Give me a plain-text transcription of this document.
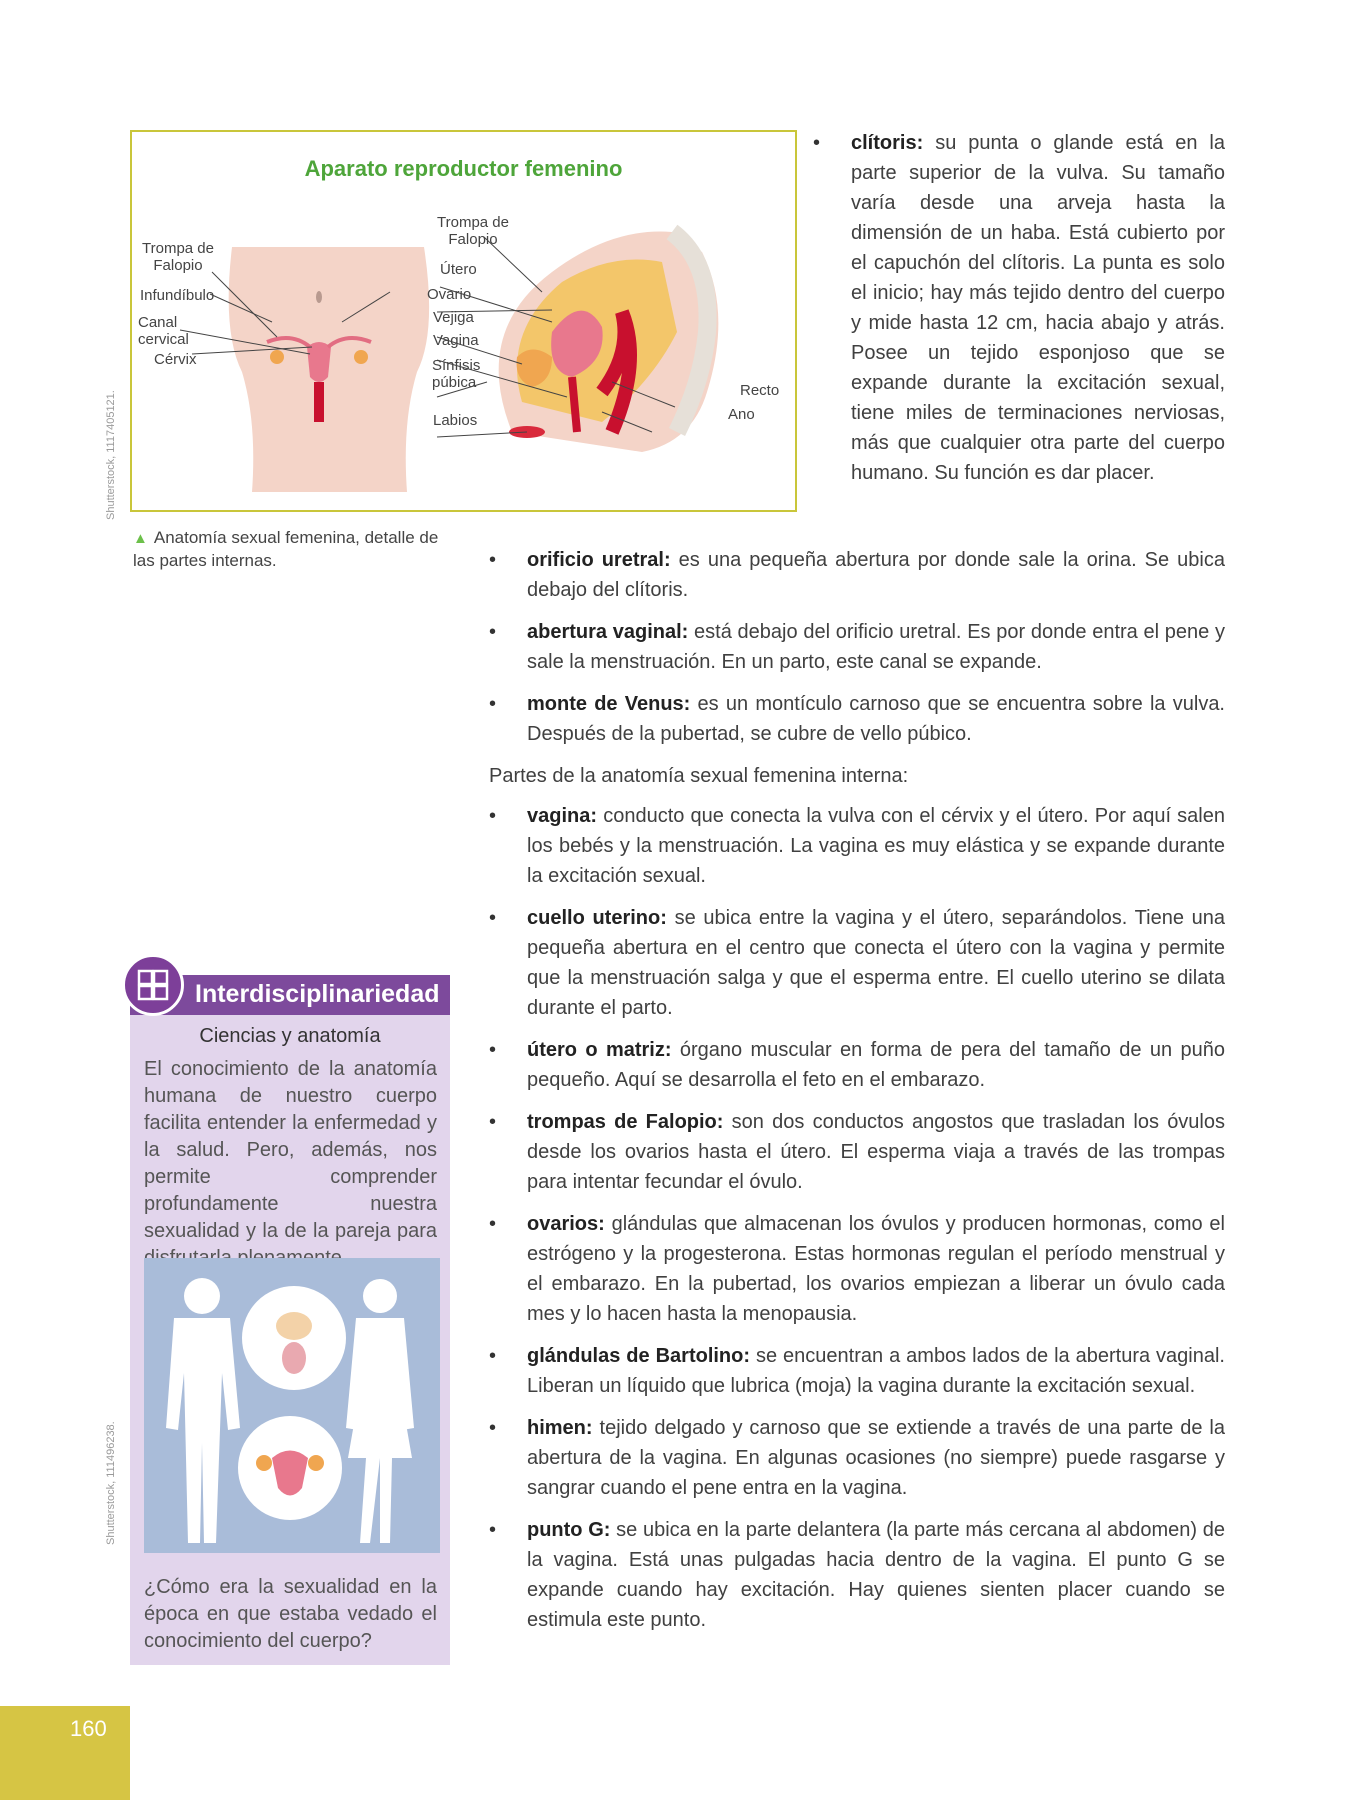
Shutterstock, 1117405121.
Aparato reproductor femenino
Trompa de
Falopio
Infundíbulo
Canal
cervical
Cérvix
Trompa de
Falopio
Útero
Ovario
Vejiga
Vagina
Sínfisis
púbica
Labios
Recto
Ano
▲ Anatomía sexual femenina, detalle de las partes internas.
• clítoris: su punta o glande está en la parte superior de la vulva. Su tamaño varía desde una arveja hasta la dimensión de un haba. Está cubierto por el capuchón del clítoris. La punta es solo el inicio; hay más tejido dentro del cuerpo y mide hasta 12 cm, hacia abajo y atrás. Posee un tejido esponjoso que se expande durante la excitación sexual, tiene miles de terminaciones nerviosas, más que cualquier otra parte del cuerpo humano. Su función es dar placer.
• orificio uretral: es una pequeña abertura por donde sale la orina. Se ubica debajo del clítoris.
• abertura vaginal: está debajo del orificio uretral. Es por donde entra el pene y sale la menstruación. En un parto, este canal se expande.
• monte de Venus: es un montículo carnoso que se encuentra sobre la vulva. Después de la pubertad, se cubre de vello púbico.
Partes de la anatomía sexual femenina interna:
• vagina: conducto que conecta la vulva con el cérvix y el útero. Por aquí salen los bebés y la menstruación. La vagina es muy elástica y se expande durante la excitación sexual.
• cuello uterino: se ubica entre la vagina y el útero, separándolos. Tiene una pequeña abertura en el centro que conecta el útero con la vagina y permite que la menstruación salga y que el esperma entre. El cuello uterino se dilata durante el parto.
• útero o matriz: órgano muscular en forma de pera del tamaño de un puño pequeño. Aquí se desarrolla el feto en el embarazo.
• trompas de Falopio: son dos conductos angostos que trasladan los óvulos desde los ovarios hasta el útero. El esperma viaja a través de las trompas para intentar fecundar el óvulo.
• ovarios: glándulas que almacenan los óvulos y producen hormonas, como el estrógeno y la progesterona. Estas hormonas regulan el período menstrual y el embarazo. En la pubertad, los ovarios empiezan a liberar un óvulo cada mes y lo hacen hasta la menopausia.
• glándulas de Bartolino: se encuentran a ambos lados de la abertura vaginal. Liberan un líquido que lubrica (moja) la vagina durante la excitación sexual.
• himen: tejido delgado y carnoso que se extiende a través de una parte de la abertura de la vagina. En algunas ocasiones (no siempre) puede rasgarse y sangrar cuando el pene entra en la vagina.
• punto G: se ubica en la parte delantera (la parte más cercana al abdomen) de la vagina. Está unas pulgadas hacia dentro de la vagina. El punto G se expande cuando hay excitación. Hay quienes sienten placer cuando se estimula este punto.
Interdisciplinariedad
Ciencias y anatomía
El conocimiento de la anatomía humana de nuestro cuerpo facilita entender la enfermedad y la salud. Pero, además, nos permite comprender profundamente nuestra sexualidad y la de la pareja para
¿Cómo era la sexualidad en la época en que estaba vedado el conocimiento del cuerpo?
Shutterstock, 111496238.
160
